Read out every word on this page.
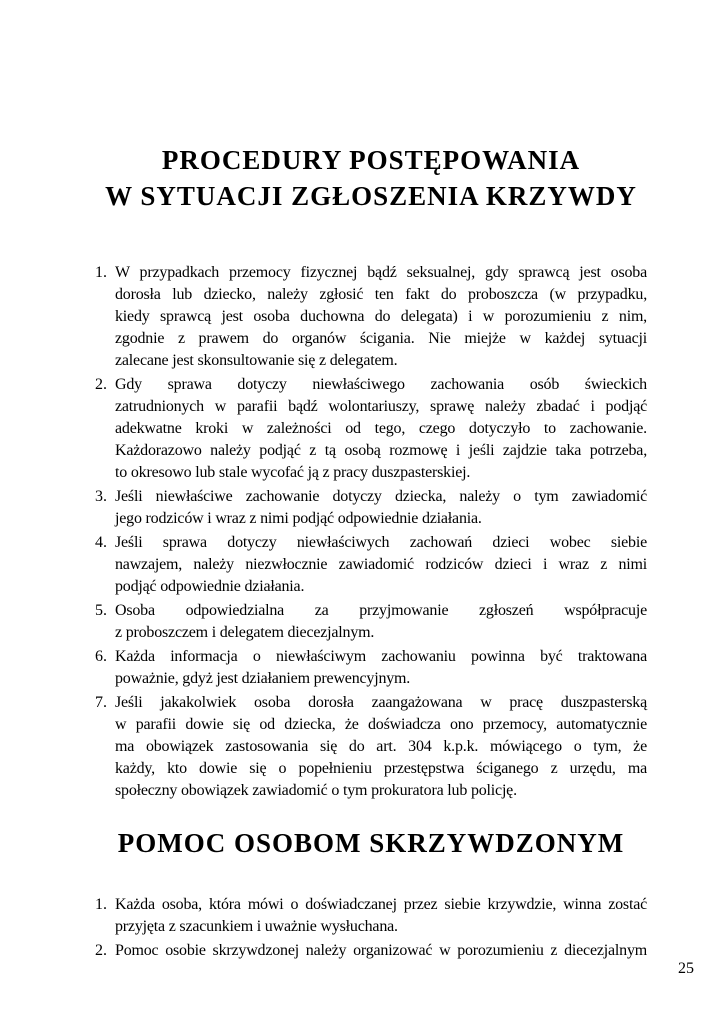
PROCEDURY POSTĘPOWANIA
W SYTUACJI ZGŁOSZENIA KRZYWDY
1. W przypadkach przemocy fizycznej bądź seksualnej, gdy sprawcą jest osoba
dorosła lub dziecko, należy zgłosić ten fakt do proboszcza (w przypadku,
kiedy sprawcą jest osoba duchowna do delegata) i w porozumieniu z nim,
zgodnie z prawem do organów ścigania. Nie miejże w każdej sytuacji
zalecane jest skonsultowanie się z delegatem.
2. Gdy sprawa dotyczy niewłaściwego zachowania osób świeckich
zatrudnionych w parafii bądź wolontariuszy, sprawę należy zbadać i podjąć
adekwatne kroki w zależności od tego, czego dotyczyło to zachowanie.
Każdorazowo należy podjąć z tą osobą rozmowę i jeśli zajdzie taka potrzeba,
to okresowo lub stale wycofać ją z pracy duszpasterskiej.
3. Jeśli niewłaściwe zachowanie dotyczy dziecka, należy o tym zawiadomić
jego rodziców i wraz z nimi podjąć odpowiednie działania.
4. Jeśli sprawa dotyczy niewłaściwych zachowań dzieci wobec siebie
nawzajem, należy niezwłocznie zawiadomić rodziców dzieci i wraz z nimi
podjąć odpowiednie działania.
5. Osoba odpowiedzialna za przyjmowanie zgłoszeń współpracuje
z proboszczem i delegatem diecezjalnym.
6. Każda informacja o niewłaściwym zachowaniu powinna być traktowana
poważnie, gdyż jest działaniem prewencyjnym.
7. Jeśli jakakolwiek osoba dorosła zaangażowana w pracę duszpasterską
w parafii dowie się od dziecka, że doświadcza ono przemocy, automatycznie
ma obowiązek zastosowania się do art. 304 k.p.k. mówiącego o tym, że
każdy, kto dowie się o popełnieniu przestępstwa ściganego z urzędu, ma
społeczny obowiązek zawiadomić o tym prokuratora lub policję.
POMOC OSOBOM SKRZYWDZONYM
1. Każda osoba, która mówi o doświadczanej przez siebie krzywdzie, winna zostać
przyjęta z szacunkiem i uważnie wysłuchana.
2. Pomoc osobie skrzywdzonej należy organizować w porozumieniu z diecezjalnym
25
